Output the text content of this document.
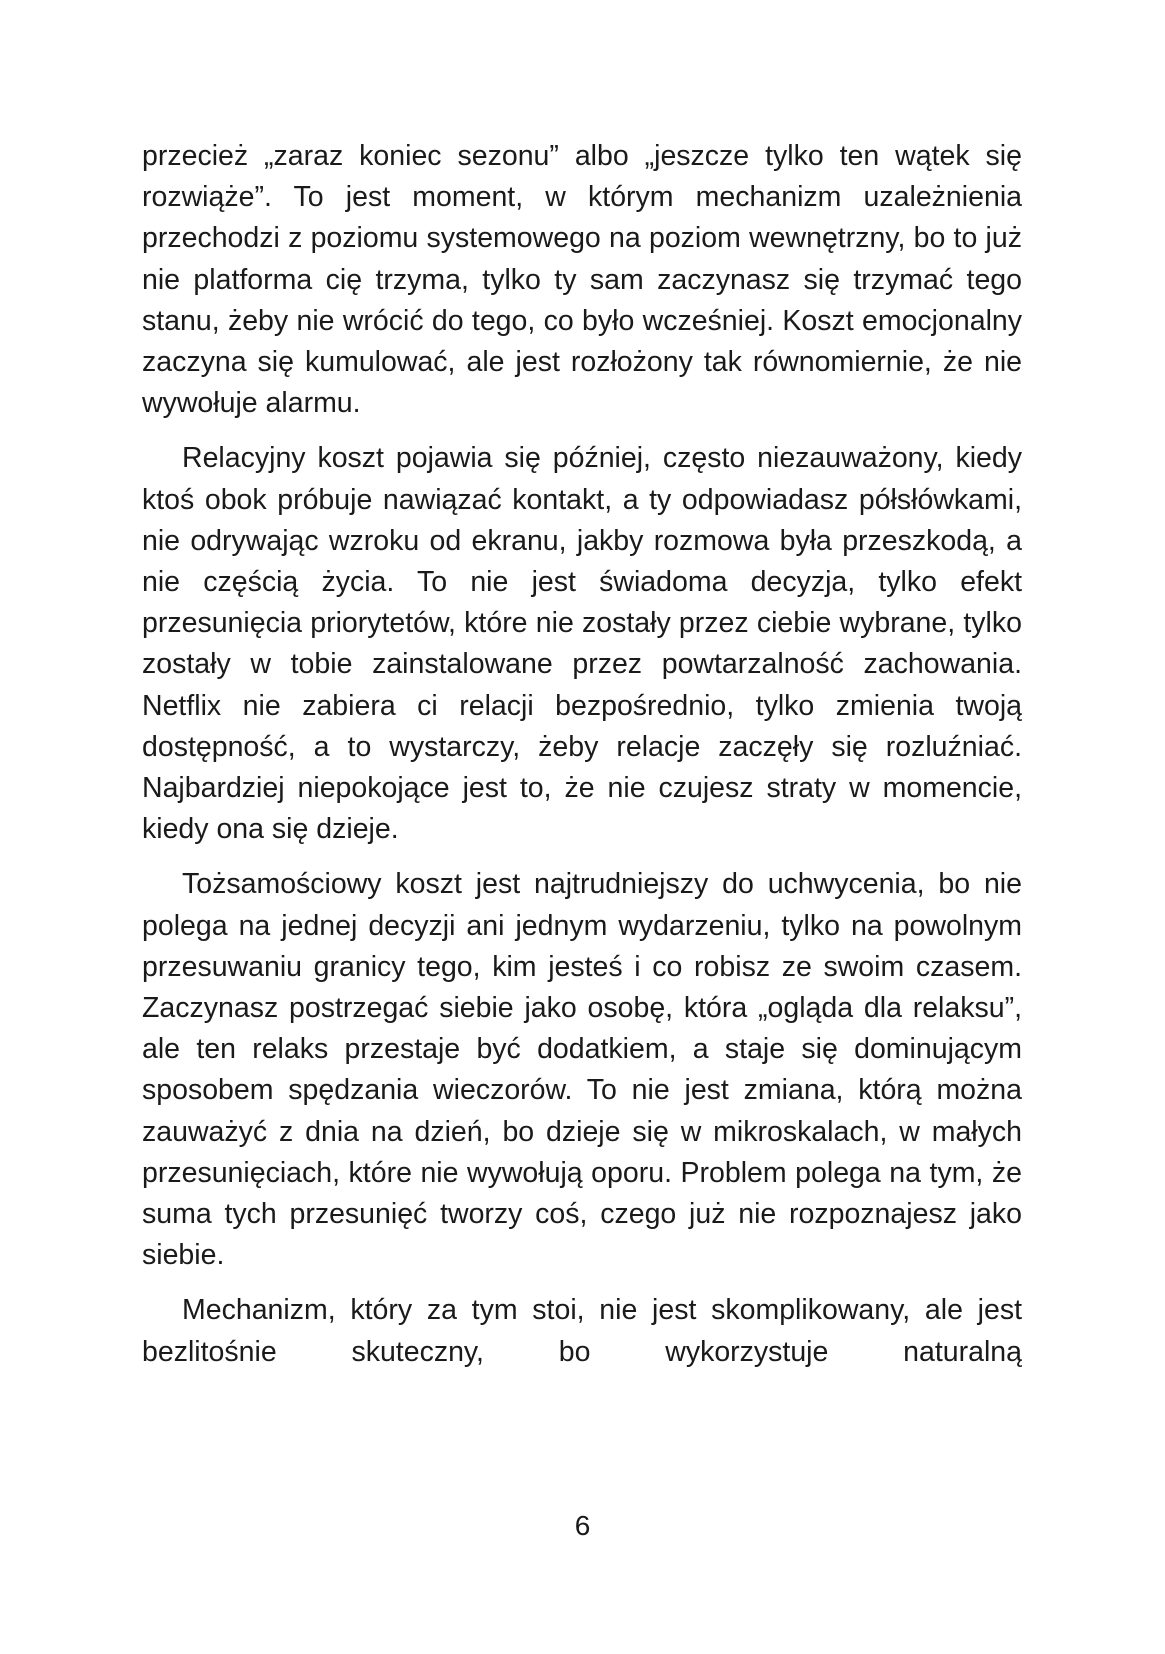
przecież „zaraz koniec sezonu” albo „jeszcze tylko ten wątek się rozwiąże”. To jest moment, w którym mechanizm uzależnienia przechodzi z poziomu systemowego na poziom wewnętrzny, bo to już nie platforma cię trzyma, tylko ty sam zaczynasz się trzymać tego stanu, żeby nie wrócić do tego, co było wcześniej. Koszt emocjonalny zaczyna się kumulować, ale jest rozłożony tak równomiernie, że nie wywołuje alarmu.

Relacyjny koszt pojawia się później, często niezauważony, kiedy ktoś obok próbuje nawiązać kontakt, a ty odpowiadasz półsłówkami, nie odrywając wzroku od ekranu, jakby rozmowa była przeszkodą, a nie częścią życia. To nie jest świadoma decyzja, tylko efekt przesunięcia priorytetów, które nie zostały przez ciebie wybrane, tylko zostały w tobie zainstalowane przez powtarzalność zachowania. Netflix nie zabiera ci relacji bezpośrednio, tylko zmienia twoją dostępność, a to wystarczy, żeby relacje zaczęły się rozluźniać. Najbardziej niepokojące jest to, że nie czujesz straty w momencie, kiedy ona się dzieje.

Tożsamościowy koszt jest najtrudniejszy do uchwycenia, bo nie polega na jednej decyzji ani jednym wydarzeniu, tylko na powolnym przesuwaniu granicy tego, kim jesteś i co robisz ze swoim czasem. Zaczynasz postrzegać siebie jako osobę, która „ogląda dla relaksu”, ale ten relaks przestaje być dodatkiem, a staje się dominującym sposobem spędzania wieczorów. To nie jest zmiana, którą można zauważyć z dnia na dzień, bo dzieje się w mikroskalach, w małych przesunięciach, które nie wywołują oporu. Problem polega na tym, że suma tych przesunięć tworzy coś, czego już nie rozpoznajesz jako siebie.

Mechanizm, który za tym stoi, nie jest skomplikowany, ale jest bezlitośnie skuteczny, bo wykorzystuje naturalną

6
